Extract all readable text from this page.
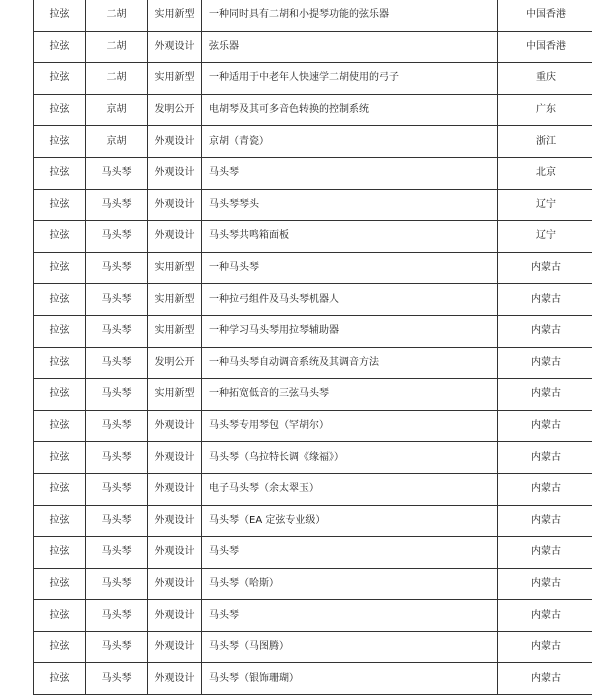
拉弦	二胡	实用新型	一种同时具有二胡和小提琴功能的弦乐器	中国香港
拉弦	二胡	外观设计	弦乐器	中国香港
拉弦	二胡	实用新型	一种适用于中老年人快速学二胡使用的弓子	重庆
拉弦	京胡	发明公开	电胡琴及其可多音色转换的控制系统	广东
拉弦	京胡	外观设计	京胡（青瓷）	浙江
拉弦	马头琴	外观设计	马头琴	北京
拉弦	马头琴	外观设计	马头琴琴头	辽宁
拉弦	马头琴	外观设计	马头琴共鸣箱面板	辽宁
拉弦	马头琴	实用新型	一种马头琴	内蒙古
拉弦	马头琴	实用新型	一种拉弓组件及马头琴机器人	内蒙古
拉弦	马头琴	实用新型	一种学习马头琴用拉琴辅助器	内蒙古
拉弦	马头琴	发明公开	一种马头琴自动调音系统及其调音方法	内蒙古
拉弦	马头琴	实用新型	一种拓宽低音的三弦马头琴	内蒙古
拉弦	马头琴	外观设计	马头琴专用琴包（罕胡尔）	内蒙古
拉弦	马头琴	外观设计	马头琴（乌拉特长调《缘福》）	内蒙古
拉弦	马头琴	外观设计	电子马头琴（余太翠玉）	内蒙古
拉弦	马头琴	外观设计	马头琴（EA 定弦专业级）	内蒙古
拉弦	马头琴	外观设计	马头琴	内蒙古
拉弦	马头琴	外观设计	马头琴（哈斯）	内蒙古
拉弦	马头琴	外观设计	马头琴	内蒙古
拉弦	马头琴	外观设计	马头琴（马图腾）	内蒙古
拉弦	马头琴	外观设计	马头琴（银饰珊瑚）	内蒙古
